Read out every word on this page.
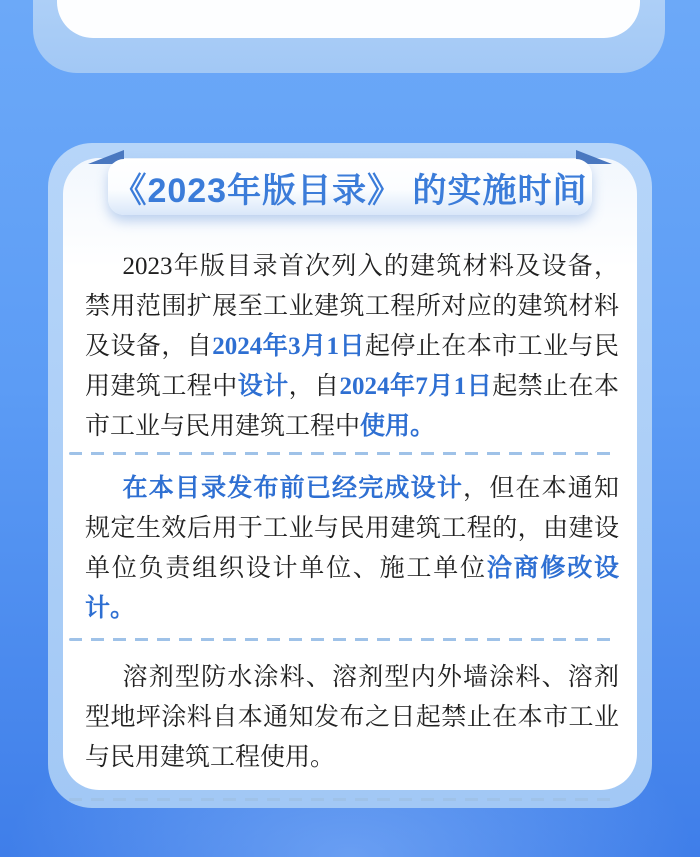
《2023年版目录》 的实施时间

2023年版目录首次列入的建筑材料及设备，禁用范围扩展至工业建筑工程所对应的建筑材料及设备，自2024年3月1日起停止在本市工业与民用建筑工程中设计，自2024年7月1日起禁止在本市工业与民用建筑工程中使用。

在本目录发布前已经完成设计，但在本通知规定生效后用于工业与民用建筑工程的，由建设单位负责组织设计单位、施工单位洽商修改设计。

溶剂型防水涂料、溶剂型内外墙涂料、溶剂型地坪涂料自本通知发布之日起禁止在本市工业与民用建筑工程使用。
